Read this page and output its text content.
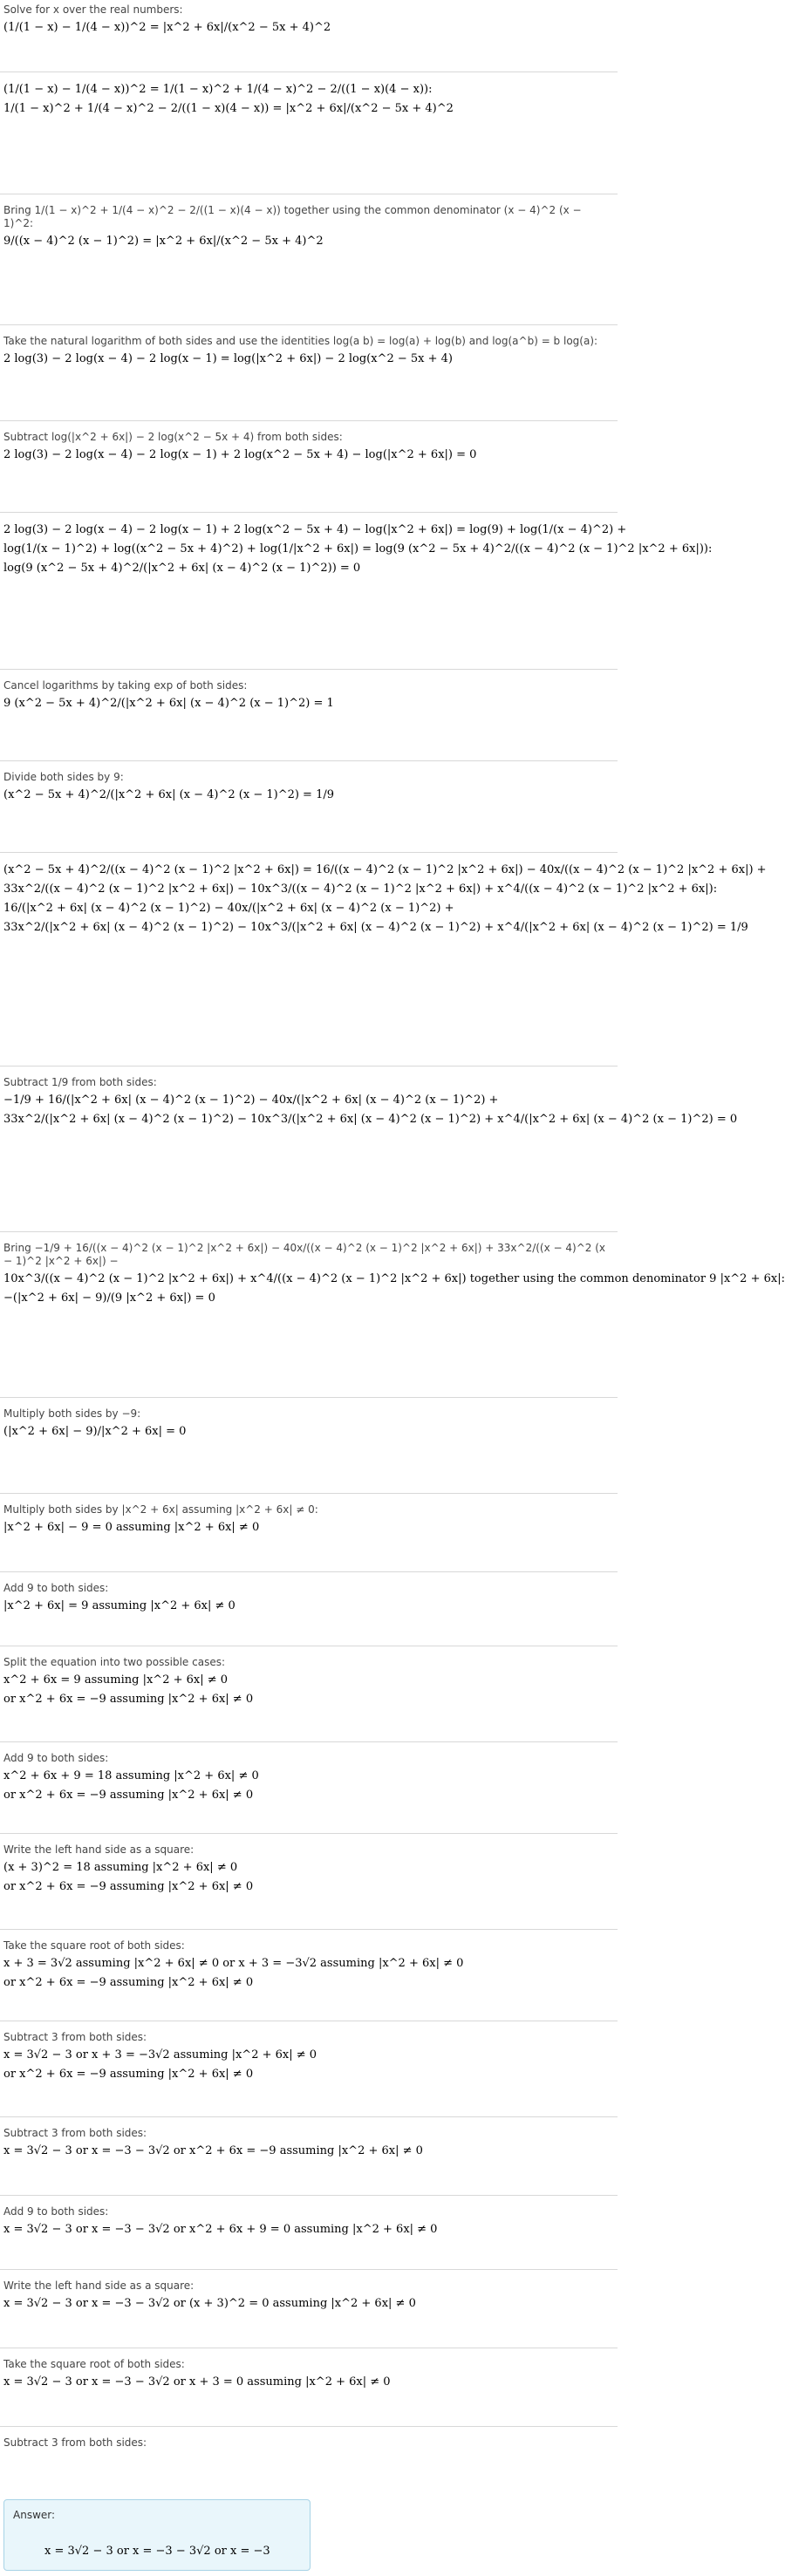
Solve for x over the real numbers:
(1/(1 − x) − 1/(4 − x))^2 = |x^2 + 6x|/(x^2 − 5x + 4)^2
(1/(1 − x) − 1/(4 − x))^2 = 1/(1 − x)^2 + 1/(4 − x)^2 − 2/((1 − x)(4 − x)):
1/(1 − x)^2 + 1/(4 − x)^2 − 2/((1 − x)(4 − x)) = |x^2 + 6x|/(x^2 − 5x + 4)^2
Bring 1/(1 − x)^2 + 1/(4 − x)^2 − 2/((1 − x)(4 − x)) together using the common denominator (x − 4)^2 (x − 1)^2:
9/((x − 4)^2 (x − 1)^2) = |x^2 + 6x|/(x^2 − 5x + 4)^2
Take the natural logarithm of both sides and use the identities log(a b) = log(a) + log(b) and log(a^b) = b log(a):
2 log(3) − 2 log(x − 4) − 2 log(x − 1) = log(|x^2 + 6x|) − 2 log(x^2 − 5x + 4)
Subtract log(|x^2 + 6x|) − 2 log(x^2 − 5x + 4) from both sides:
2 log(3) − 2 log(x − 4) − 2 log(x − 1) + 2 log(x^2 − 5x + 4) − log(|x^2 + 6x|) = 0
2 log(3) − 2 log(x − 4) − 2 log(x − 1) + 2 log(x^2 − 5x + 4) − log(|x^2 + 6x|) = log(9) + log(1/(x − 4)^2) +
log(1/(x − 1)^2) + log((x^2 − 5x + 4)^2) + log(1/|x^2 + 6x|) = log(9 (x^2 − 5x + 4)^2/((x − 4)^2 (x − 1)^2 |x^2 + 6x|)):
log(9 (x^2 − 5x + 4)^2/(|x^2 + 6x| (x − 4)^2 (x − 1)^2)) = 0
Cancel logarithms by taking exp of both sides:
9 (x^2 − 5x + 4)^2/(|x^2 + 6x| (x − 4)^2 (x − 1)^2) = 1
Divide both sides by 9:
(x^2 − 5x + 4)^2/(|x^2 + 6x| (x − 4)^2 (x − 1)^2) = 1/9
(x^2 − 5x + 4)^2/((x − 4)^2 (x − 1)^2 |x^2 + 6x|) = 16/((x − 4)^2 (x − 1)^2 |x^2 + 6x|) − 40x/((x − 4)^2 (x − 1)^2 |x^2 + 6x|) +
33x^2/((x − 4)^2 (x − 1)^2 |x^2 + 6x|) − 10x^3/((x − 4)^2 (x − 1)^2 |x^2 + 6x|) + x^4/((x − 4)^2 (x − 1)^2 |x^2 + 6x|):
16/(|x^2 + 6x| (x − 4)^2 (x − 1)^2) − 40x/(|x^2 + 6x| (x − 4)^2 (x − 1)^2) +
33x^2/(|x^2 + 6x| (x − 4)^2 (x − 1)^2) − 10x^3/(|x^2 + 6x| (x − 4)^2 (x − 1)^2) + x^4/(|x^2 + 6x| (x − 4)^2 (x − 1)^2) = 1/9
Subtract 1/9 from both sides:
−1/9 + 16/(|x^2 + 6x| (x − 4)^2 (x − 1)^2) − 40x/(|x^2 + 6x| (x − 4)^2 (x − 1)^2) +
33x^2/(|x^2 + 6x| (x − 4)^2 (x − 1)^2) − 10x^3/(|x^2 + 6x| (x − 4)^2 (x − 1)^2) + x^4/(|x^2 + 6x| (x − 4)^2 (x − 1)^2) = 0
Bring −1/9 + 16/((x − 4)^2 (x − 1)^2 |x^2 + 6x|) − 40x/((x − 4)^2 (x − 1)^2 |x^2 + 6x|) + 33x^2/((x − 4)^2 (x − 1)^2 |x^2 + 6x|) −
10x^3/((x − 4)^2 (x − 1)^2 |x^2 + 6x|) + x^4/((x − 4)^2 (x − 1)^2 |x^2 + 6x|) together using the common denominator 9 |x^2 + 6x|:
−(|x^2 + 6x| − 9)/(9 |x^2 + 6x|) = 0
Multiply both sides by −9:
(|x^2 + 6x| − 9)/|x^2 + 6x| = 0
Multiply both sides by |x^2 + 6x| assuming |x^2 + 6x| ≠ 0:
|x^2 + 6x| − 9 = 0 assuming |x^2 + 6x| ≠ 0
Add 9 to both sides:
|x^2 + 6x| = 9 assuming |x^2 + 6x| ≠ 0
Split the equation into two possible cases:
x^2 + 6x = 9 assuming |x^2 + 6x| ≠ 0
or x^2 + 6x = −9 assuming |x^2 + 6x| ≠ 0
Add 9 to both sides:
x^2 + 6x + 9 = 18 assuming |x^2 + 6x| ≠ 0
or x^2 + 6x = −9 assuming |x^2 + 6x| ≠ 0
Write the left hand side as a square:
(x + 3)^2 = 18 assuming |x^2 + 6x| ≠ 0
or x^2 + 6x = −9 assuming |x^2 + 6x| ≠ 0
Take the square root of both sides:
x + 3 = 3√2 assuming |x^2 + 6x| ≠ 0 or x + 3 = −3√2 assuming |x^2 + 6x| ≠ 0
or x^2 + 6x = −9 assuming |x^2 + 6x| ≠ 0
Subtract 3 from both sides:
x = 3√2 − 3 or x + 3 = −3√2 assuming |x^2 + 6x| ≠ 0
or x^2 + 6x = −9 assuming |x^2 + 6x| ≠ 0
Subtract 3 from both sides:
x = 3√2 − 3 or x = −3 − 3√2 or x^2 + 6x = −9 assuming |x^2 + 6x| ≠ 0
Add 9 to both sides:
x = 3√2 − 3 or x = −3 − 3√2 or x^2 + 6x + 9 = 0 assuming |x^2 + 6x| ≠ 0
Write the left hand side as a square:
x = 3√2 − 3 or x = −3 − 3√2 or (x + 3)^2 = 0 assuming |x^2 + 6x| ≠ 0
Take the square root of both sides:
x = 3√2 − 3 or x = −3 − 3√2 or x + 3 = 0 assuming |x^2 + 6x| ≠ 0
Subtract 3 from both sides:
Answer:
x = 3√2 − 3 or x = −3 − 3√2 or x = −3
